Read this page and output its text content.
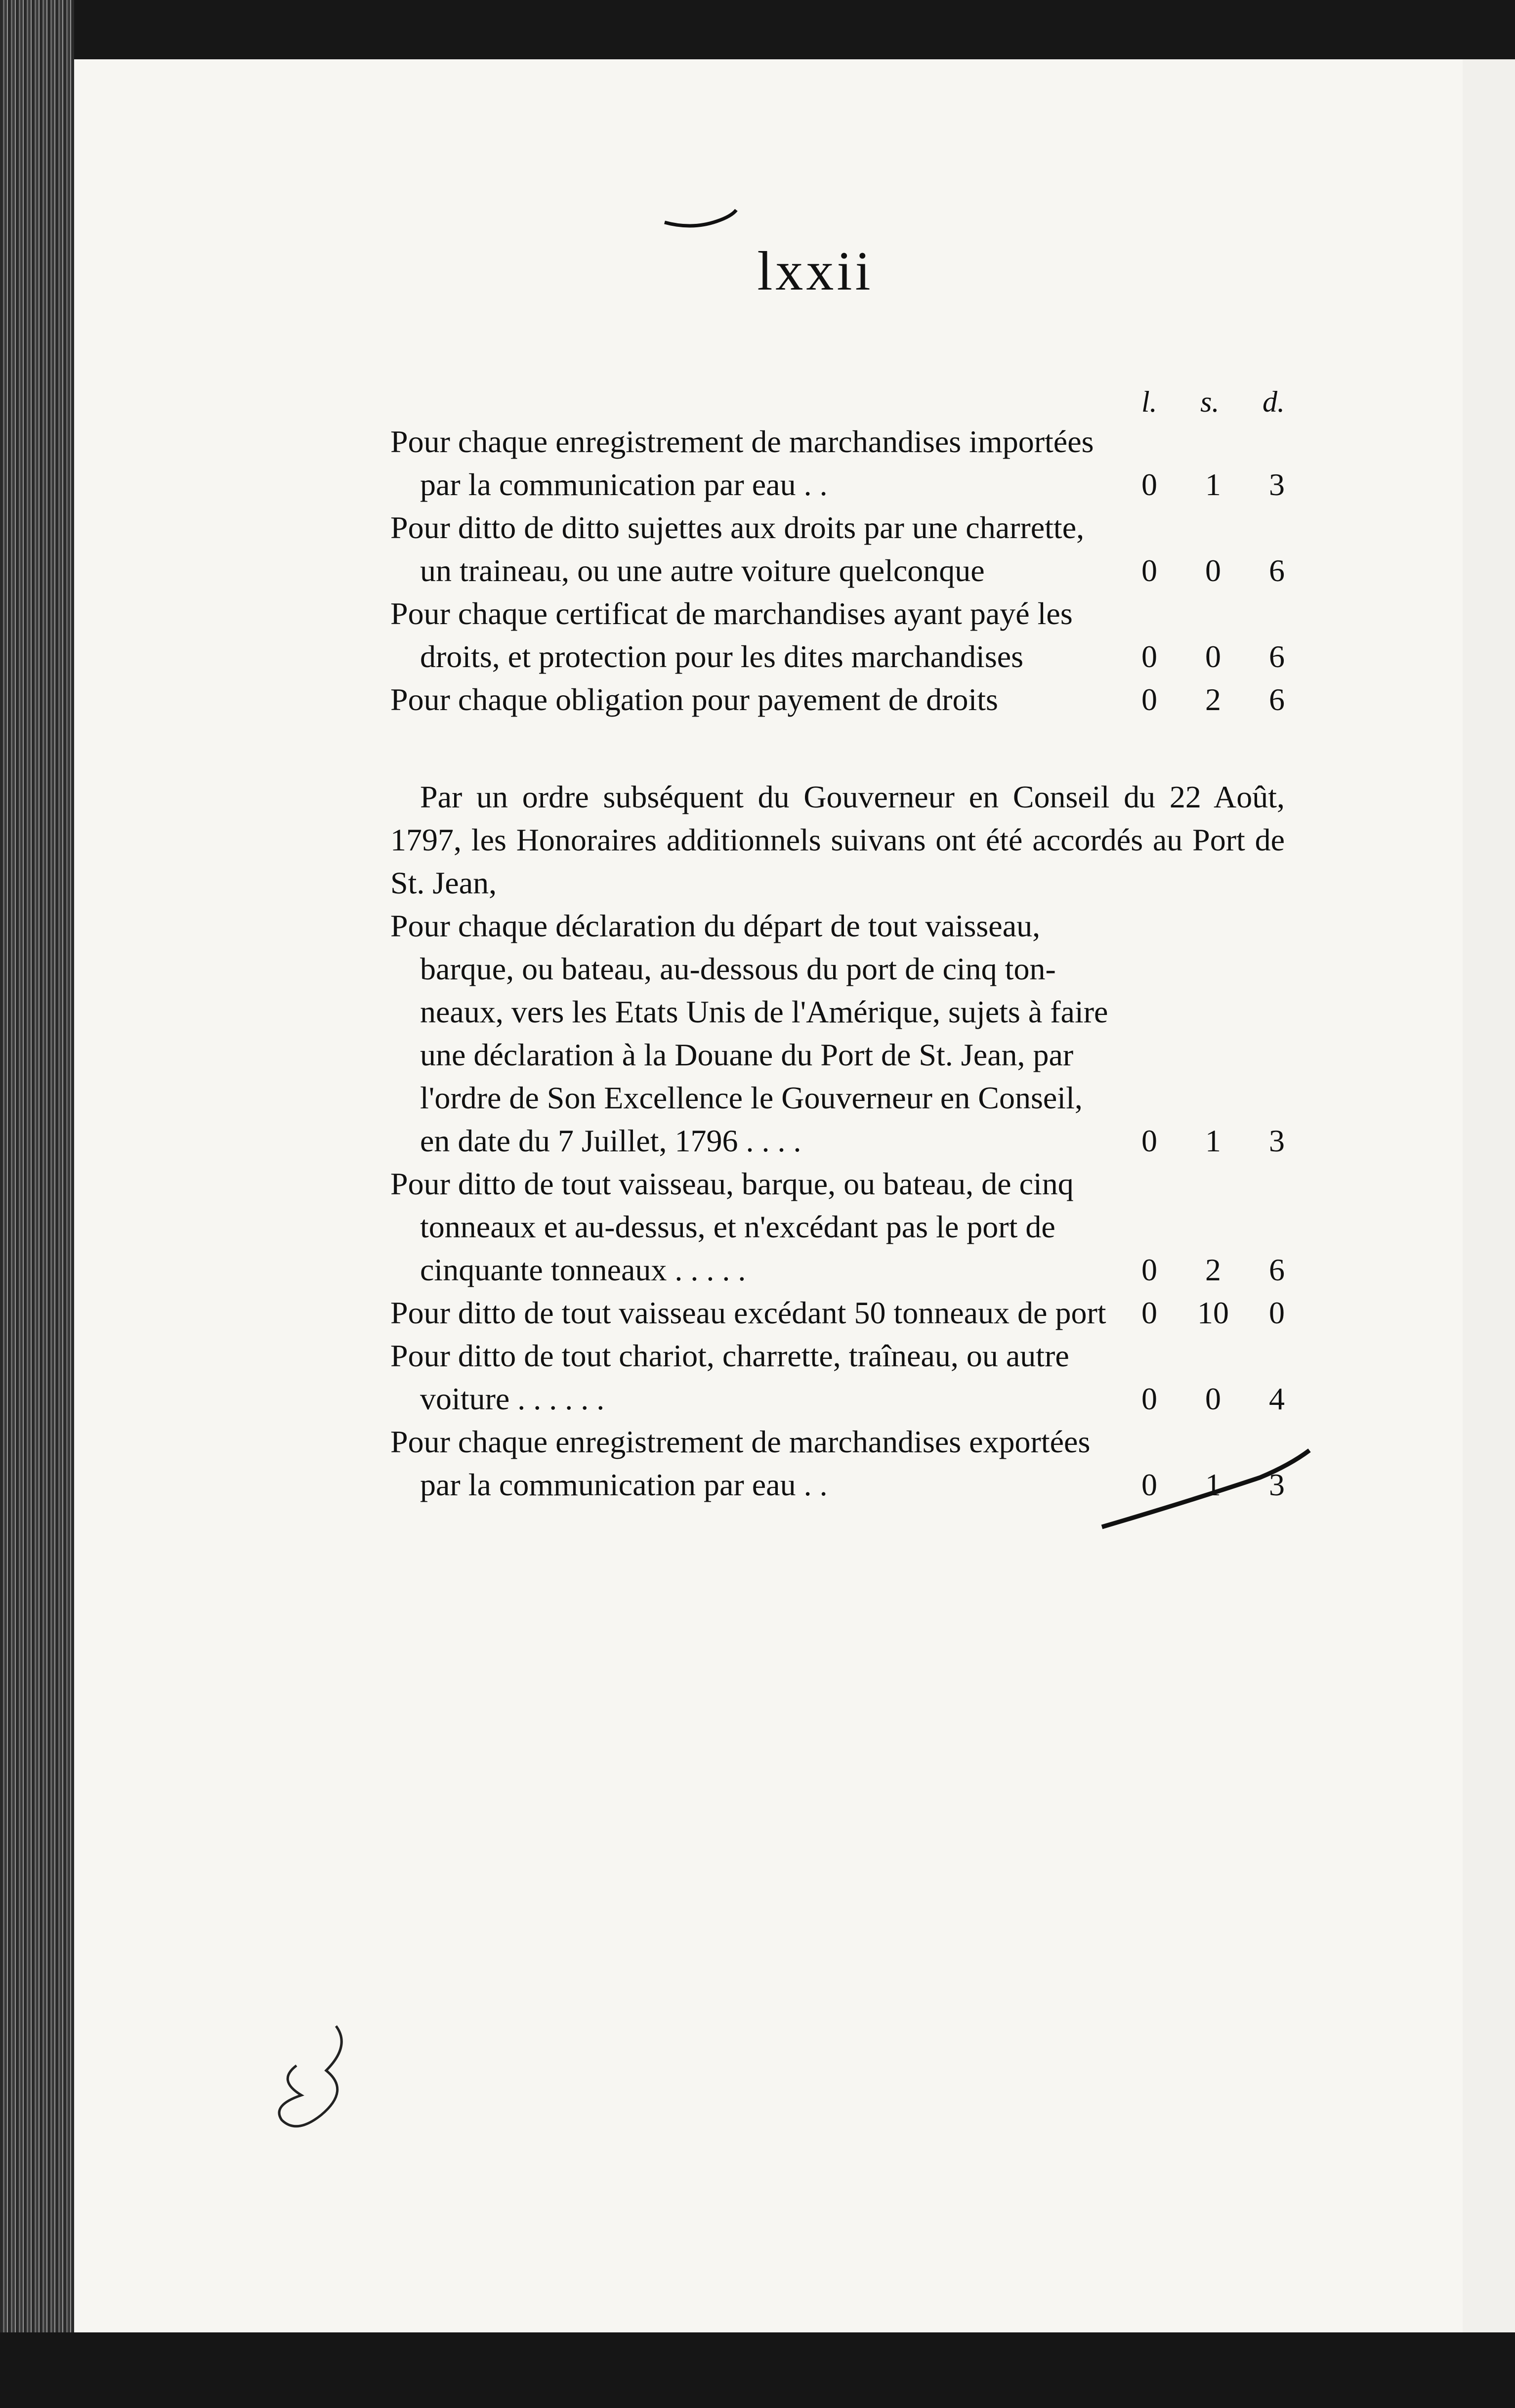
lxxii
l. s. d.
Pour chaque enregistrement de marchandises importées
par la communication par eau . .	0 1 3
Pour ditto de ditto sujettes aux droits par une charrette,
un traineau, ou une autre voiture quelconque	0 0 6
Pour chaque certificat de marchandises ayant payé les
droits, et protection pour les dites marchandises	0 0 6
Pour chaque obligation pour payement de droits	0 2 6

Par un ordre subséquent du Gouverneur en Conseil du 22 Août, 1797, les Honoraires additionnels suivans ont été accordés au Port de St. Jean,

Pour chaque déclaration du départ de tout vaisseau,
barque, ou bateau, au-dessous du port de cinq ton-
neaux, vers les Etats Unis de l'Amérique, sujets à faire
une déclaration à la Douane du Port de St. Jean, par
l'ordre de Son Excellence le Gouverneur en Conseil,
en date du 7 Juillet, 1796 . . . .	0 1 3
Pour ditto de tout vaisseau, barque, ou bateau, de cinq
tonneaux et au-dessus, et n'excédant pas le port de
cinquante tonneaux . . . . .	0 2 6
Pour ditto de tout vaisseau excédant 50 tonneaux de port	0 10 0
Pour ditto de tout chariot, charrette, traîneau, ou autre
voiture . . . . . .	0 0 4
Pour chaque enregistrement de marchandises exportées
par la communication par eau . .	0 1 3
